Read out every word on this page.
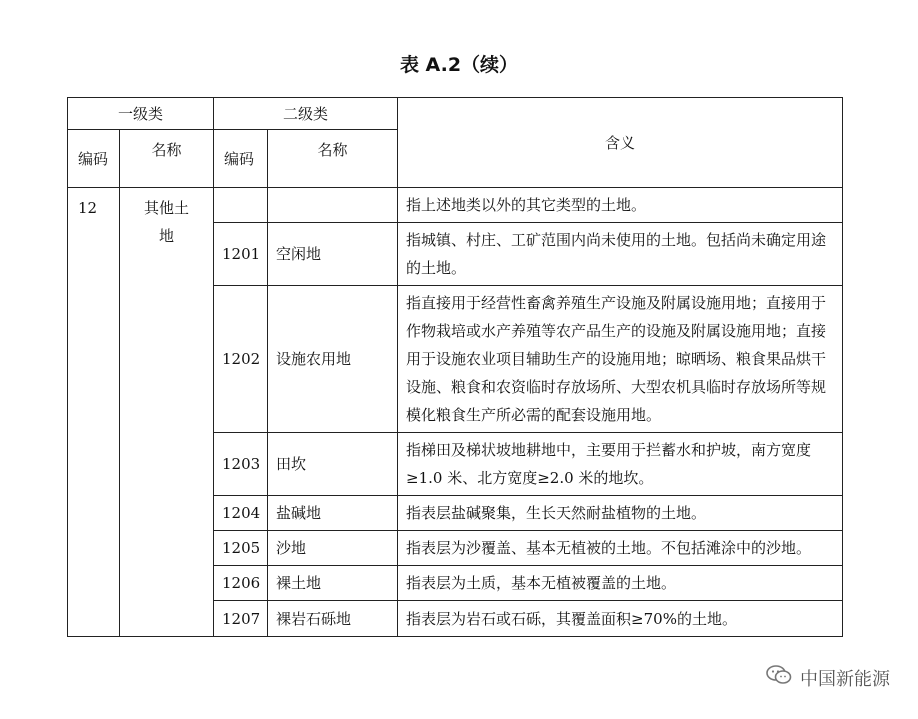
表 A.2（续）
一级类		二级类		含义
编码	名称	编码	名称	
12	其他土地			指上述地类以外的其它类型的土地。
		1201	空闲地	指城镇、村庄、工矿范围内尚未使用的土地。包括尚未确定用途的土地。
		1202	设施农用地	指直接用于经营性畜禽养殖生产设施及附属设施用地；直接用于作物栽培或水产养殖等农产品生产的设施及附属设施用地；直接用于设施农业项目辅助生产的设施用地；晾晒场、粮食果品烘干设施、粮食和农资临时存放场所、大型农机具临时存放场所等规模化粮食生产所必需的配套设施用地。
		1203	田坎	指梯田及梯状坡地耕地中，主要用于拦蓄水和护坡，南方宽度≥1.0 米、北方宽度≥2.0 米的地坎。
		1204	盐碱地	指表层盐碱聚集，生长天然耐盐植物的土地。
		1205	沙地	指表层为沙覆盖、基本无植被的土地。不包括滩涂中的沙地。
		1206	裸土地	指表层为土质，基本无植被覆盖的土地。
		1207	裸岩石砾地	指表层为岩石或石砾，其覆盖面积≥70%的土地。
中国新能源
